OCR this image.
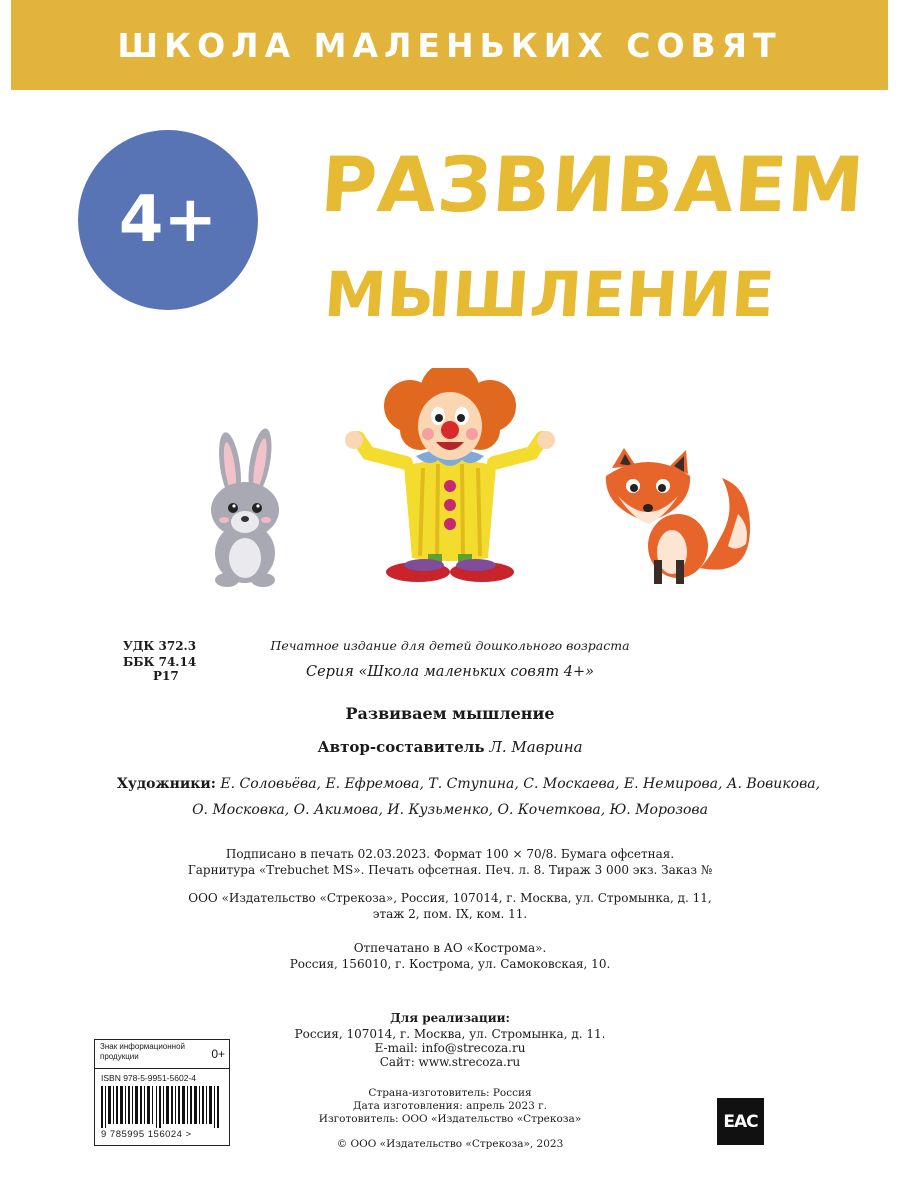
ШКОЛА МАЛЕНЬКИХ СОВЯТ
4+ РАЗВИВАЕМ
МЫШЛЕНИЕ
УДК 372.3
ББК 74.14
Р17
Печатное издание для детей дошкольного возраста
Серия «Школа маленьких совят 4+»
Развиваем мышление
Автор-составитель Л. Маврина
Художники: Е. Соловьёва, Е. Ефремова, Т. Ступина, С. Москаева, Е. Немирова, А. Вовикова,
О. Московка, О. Акимова, И. Кузьменко, О. Кочеткова, Ю. Морозова
Подписано в печать 02.03.2023. Формат 100 × 70/8. Бумага офсетная.
Гарнитура «Trebuchet MS». Печать офсетная. Печ. л. 8. Тираж 3 000 экз. Заказ №
ООО «Издательство «Стрекоза», Россия, 107014, г. Москва, ул. Стромынка, д. 11,
этаж 2, пом. IX, ком. 11.
Отпечатано в АО «Кострома».
Россия, 156010, г. Кострома, ул. Самоковская, 10.
Для реализации:
Россия, 107014, г. Москва, ул. Стромынка, д. 11.
E-mail: info@strecoza.ru
Сайт: www.strecoza.ru
Страна-изготовитель: Россия
Дата изготовления: апрель 2023 г.
Изготовитель: ООО «Издательство «Стрекоза»
© ООО «Издательство «Стрекоза», 2023
Знак информационной продукции	0+
ISBN 978-5-9951-5602-4
9 785995 156024 >
ЕАС
